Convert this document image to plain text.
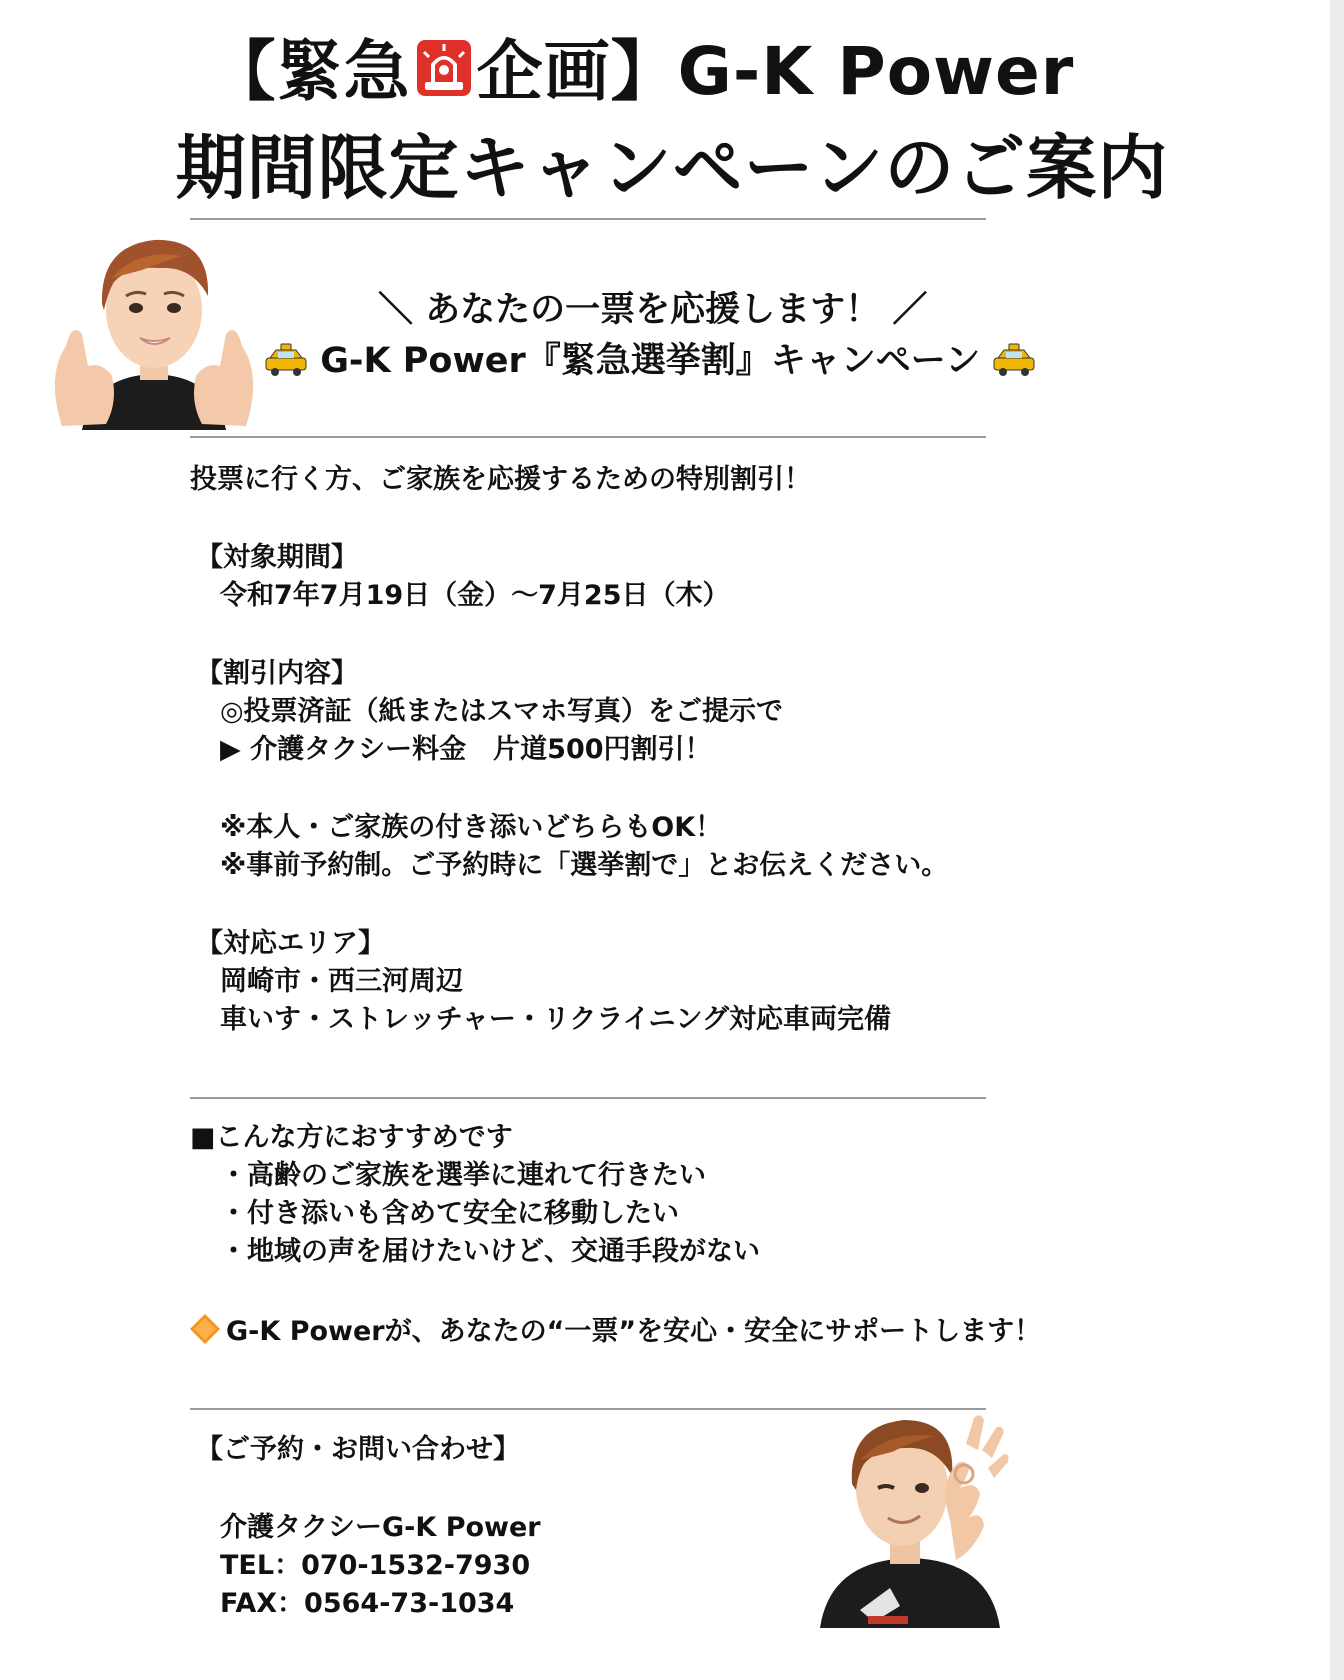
【緊急 企画】G-K Power
期間限定キャンペーンのご案内
＼ あなたの一票を応援します！ ／
G-K Power『緊急選挙割』キャンペーン
投票に行く方、ご家族を応援するための特別割引！
【対象期間】
令和7年7月19日（金）〜7月25日（木）
【割引内容】
◎投票済証（紙またはスマホ写真）をご提示で
▶ 介護タクシー料金　片道500円割引！
※本人・ご家族の付き添いどちらもOK！
※事前予約制。ご予約時に「選挙割で」とお伝えください。
【対応エリア】
岡崎市・西三河周辺
車いす・ストレッチャー・リクライニング対応車両完備
■こんな方におすすめです
・高齢のご家族を選挙に連れて行きたい
・付き添いも含めて安全に移動したい
・地域の声を届けたいけど、交通手段がない
G-K Powerが、あなたの“一票”を安心・安全にサポートします！
【ご予約・お問い合わせ】
介護タクシーG-K Power
TEL：070-1532-7930
FAX：0564-73-1034
